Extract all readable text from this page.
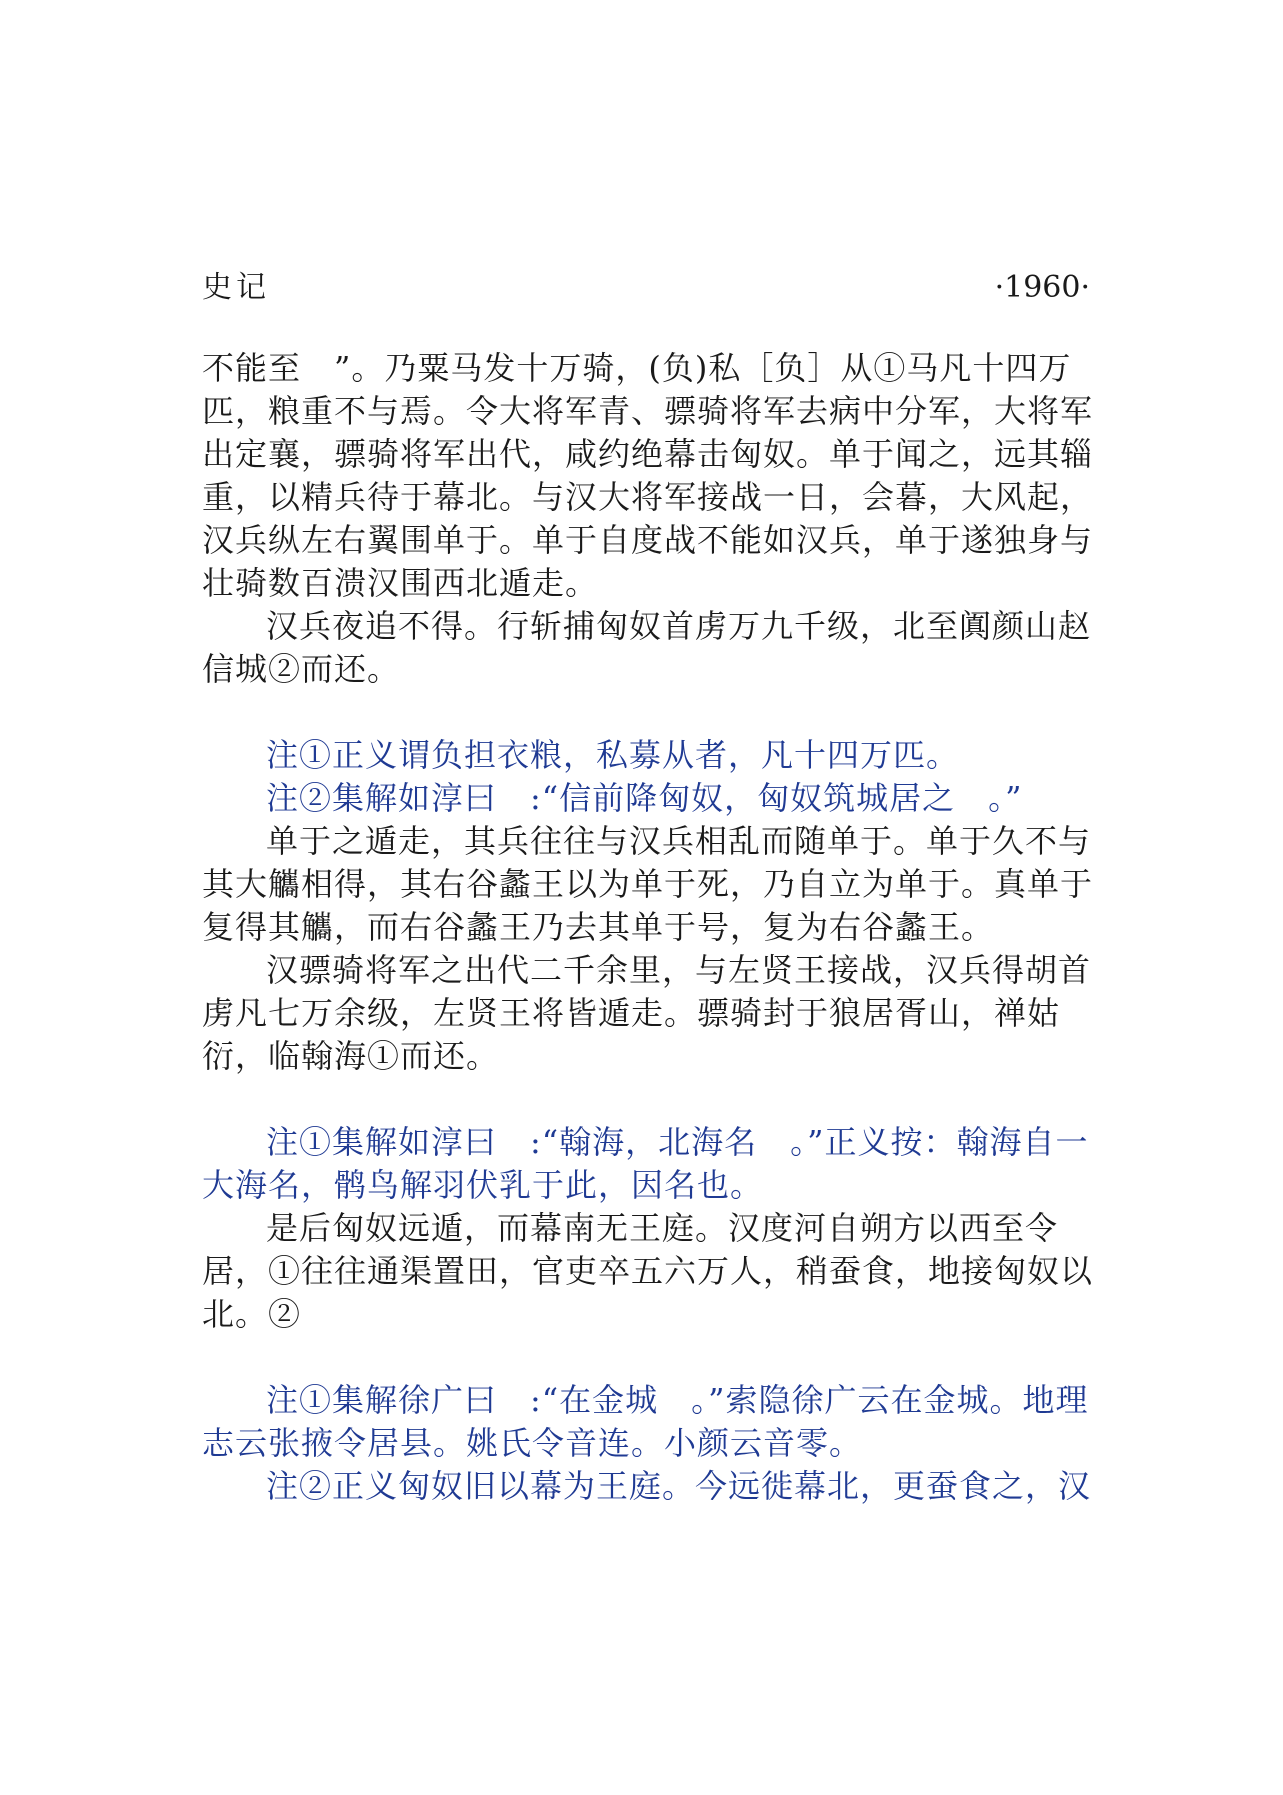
史记	·1960·

不能至　”。乃粟马发十万骑，(负)私［负］从①马凡十四万匹，粮重不与焉。令大将军青、骠骑将军去病中分军，大将军出定襄，骠骑将军出代，咸约绝幕击匈奴。单于闻之，远其辎重，以精兵待于幕北。与汉大将军接战一日，会暮，大风起，汉兵纵左右翼围单于。单于自度战不能如汉兵，单于遂独身与壮骑数百溃汉围西北遁走。

汉兵夜追不得。行斩捕匈奴首虏万九千级，北至阗颜山赵信城②而还。

注①正义谓负担衣粮，私募从者，凡十四万匹。

注②集解如淳曰　:“信前降匈奴，匈奴筑城居之　。”

单于之遁走，其兵往往与汉兵相乱而随单于。单于久不与其大觿相得，其右谷蠡王以为单于死，乃自立为单于。真单于复得其觿，而右谷蠡王乃去其单于号，复为右谷蠡王。

汉骠骑将军之出代二千余里，与左贤王接战，汉兵得胡首虏凡七万余级，左贤王将皆遁走。骠骑封于狼居胥山，禅姑衍，临翰海①而还。

注①集解如淳曰　:“翰海，北海名　。”正义按：翰海自一大海名，鹘鸟解羽伏乳于此，因名也。

是后匈奴远遁，而幕南无王庭。汉度河自朔方以西至令居，①往往通渠置田，官吏卒五六万人，稍蚕食，地接匈奴以北。②

注①集解徐广曰　:“在金城　。”索隐徐广云在金城。地理志云张掖令居县。姚氏令音连。小颜云音零。

注②正义匈奴旧以幕为王庭。今远徙幕北，更蚕食之，汉
